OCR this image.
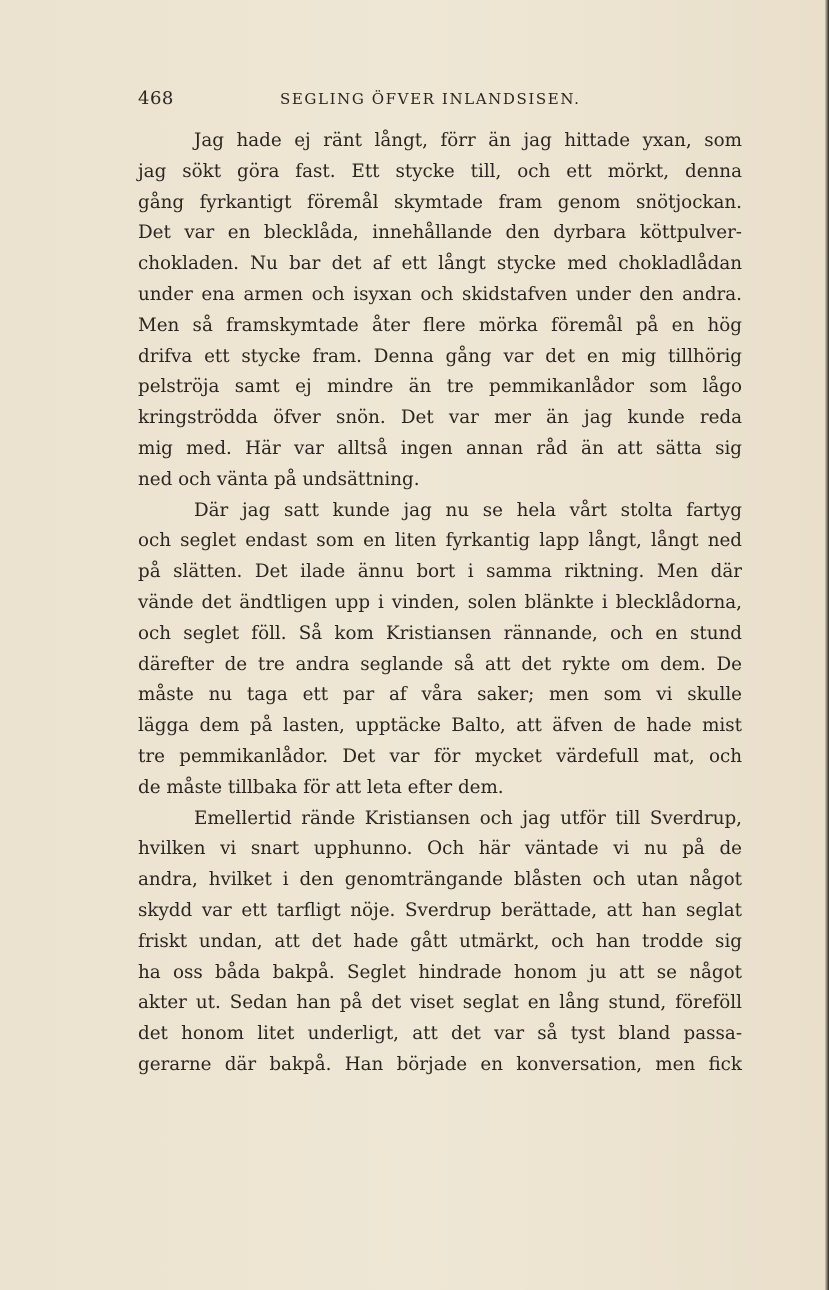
468	SEGLING ÖFVER INLANDSISEN.
Jag hade ej ränt långt, förr än jag hittade yxan, som
jag sökt göra fast. Ett stycke till, och ett mörkt, denna
gång fyrkantigt föremål skymtade fram genom snötjockan.
Det var en blecklåda, innehållande den dyrbara köttpulver-
chokladen. Nu bar det af ett långt stycke med chokladlådan
under ena armen och isyxan och skidstafven under den andra.
Men så framskymtade åter flere mörka föremål på en hög
drifva ett stycke fram. Denna gång var det en mig tillhörig
pelströja samt ej mindre än tre pemmikanlådor som lågo
kringströdda öfver snön. Det var mer än jag kunde reda
mig med. Här var alltså ingen annan råd än att sätta sig
ned och vänta på undsättning.
Där jag satt kunde jag nu se hela vårt stolta fartyg
och seglet endast som en liten fyrkantig lapp långt, långt ned
på slätten. Det ilade ännu bort i samma riktning. Men där
vände det ändtligen upp i vinden, solen blänkte i blecklådorna,
och seglet föll. Så kom Kristiansen rännande, och en stund
därefter de tre andra seglande så att det rykte om dem. De
måste nu taga ett par af våra saker; men som vi skulle
lägga dem på lasten, upptäcke Balto, att äfven de hade mist
tre pemmikanlådor. Det var för mycket värdefull mat, och
de måste tillbaka för att leta efter dem.
Emellertid rände Kristiansen och jag utför till Sverdrup,
hvilken vi snart upphunno. Och här väntade vi nu på de
andra, hvilket i den genomträngande blåsten och utan något
skydd var ett tarfligt nöje. Sverdrup berättade, att han seglat
friskt undan, att det hade gått utmärkt, och han trodde sig
ha oss båda bakpå. Seglet hindrade honom ju att se något
akter ut. Sedan han på det viset seglat en lång stund, föreföll
det honom litet underligt, att det var så tyst bland passa-
gerarne där bakpå. Han började en konversation, men fick
